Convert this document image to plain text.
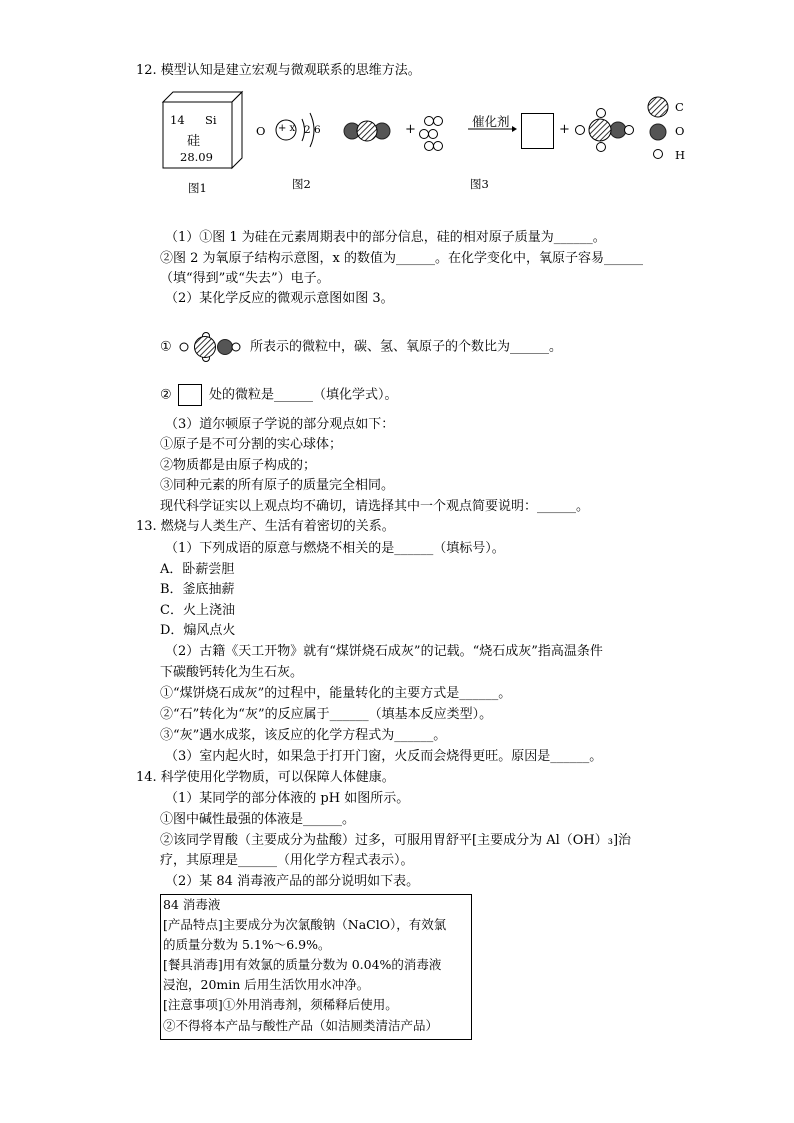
12. 模型认知是建立宏观与微观联系的思维方法。
14 Si
硅
28.09
图1
O + x 2 6
图2
+
催化剂
+
图3
C
O
H
（1）①图 1 为硅在元素周期表中的部分信息，硅的相对原子质量为______。
②图 2 为氧原子结构示意图，x 的数值为______。在化学变化中，氧原子容易______
（填“得到”或“失去”）电子。
（2）某化学反应的微观示意图如图 3。
①	所表示的微粒中，碳、氢、氧原子的个数比为______。
②	处的微粒是______（填化学式）。
（3）道尔顿原子学说的部分观点如下：
①原子是不可分割的实心球体；
②物质都是由原子构成的；
③同种元素的所有原子的质量完全相同。
现代科学证实以上观点均不确切，请选择其中一个观点简要说明：______。
13. 燃烧与人类生产、生活有着密切的关系。
（1）下列成语的原意与燃烧不相关的是______（填标号）。
A．卧薪尝胆
B．釜底抽薪
C．火上浇油
D．煽风点火
（2）古籍《天工开物》就有“煤饼烧石成灰”的记载。“烧石成灰”指高温条件
下碳酸钙转化为生石灰。
①“煤饼烧石成灰”的过程中，能量转化的主要方式是______。
②“石”转化为“灰”的反应属于______（填基本反应类型）。
③“灰”遇水成浆，该反应的化学方程式为______。
（3）室内起火时，如果急于打开门窗，火反而会烧得更旺。原因是______。
14. 科学使用化学物质，可以保障人体健康。
（1）某同学的部分体液的 pH 如图所示。
①图中碱性最强的体液是______。
②该同学胃酸（主要成分为盐酸）过多，可服用胃舒平[主要成分为 Al（OH）₃]治
疗，其原理是______（用化学方程式表示）。
（2）某 84 消毒液产品的部分说明如下表。
84 消毒液
[产品特点]主要成分为次氯酸钠（NaClO），有效氯
的质量分数为 5.1%～6.9%。
[餐具消毒]用有效氯的质量分数为 0.04%的消毒液
浸泡，20min 后用生活饮用水冲净。
[注意事项]①外用消毒剂，须稀释后使用。
②不得将本产品与酸性产品（如洁厕类清洁产品）
